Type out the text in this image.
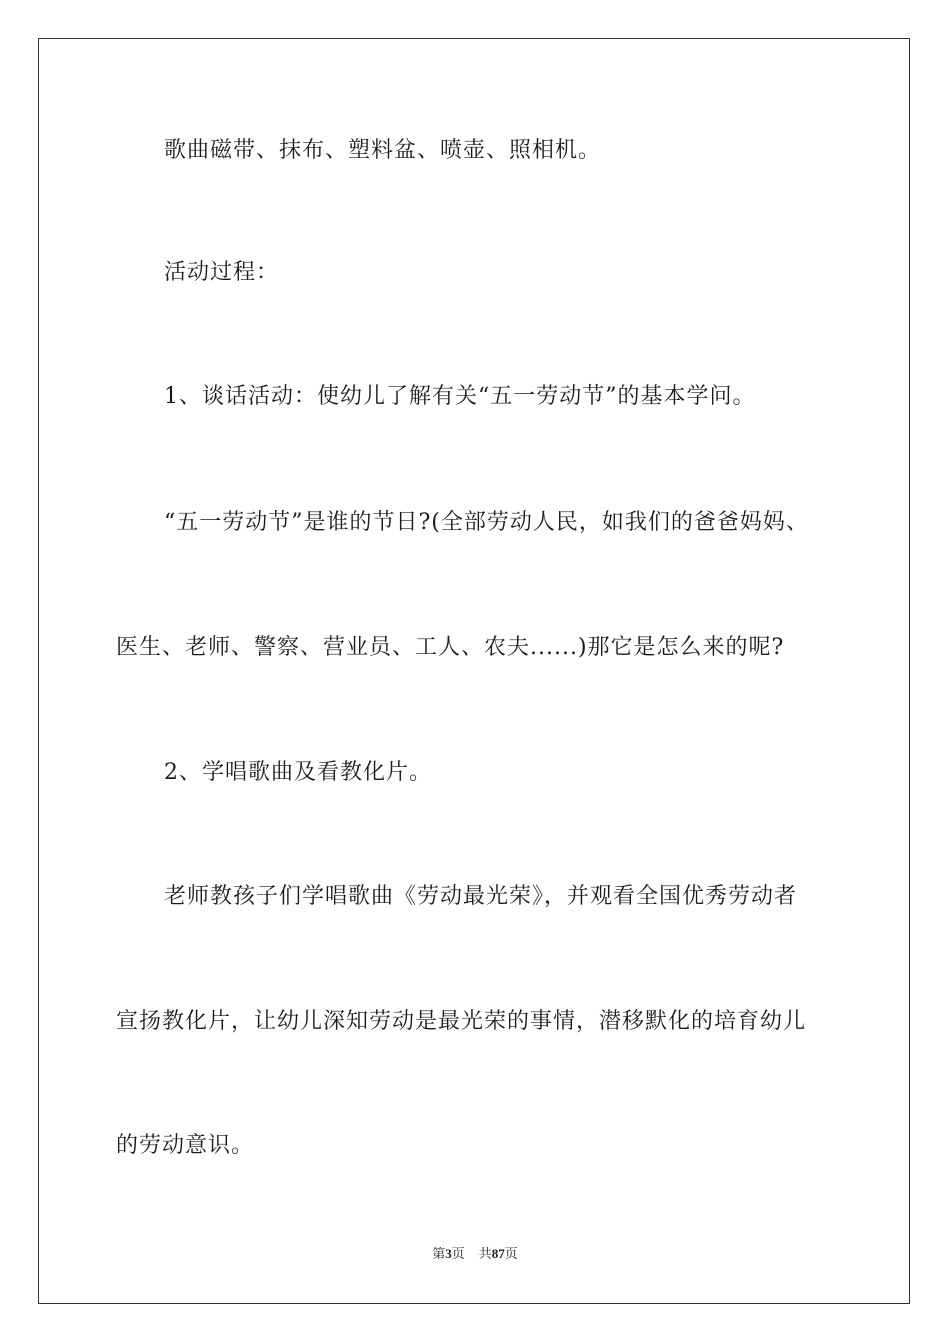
歌曲磁带、抹布、塑料盆、喷壶、照相机。
活动过程：
1、谈话活动：使幼儿了解有关“五一劳动节”的基本学问。
“五一劳动节”是谁的节日?(全部劳动人民，如我们的爸爸妈妈、
医生、老师、警察、营业员、工人、农夫......)那它是怎么来的呢?
2、学唱歌曲及看教化片。
老师教孩子们学唱歌曲《劳动最光荣》，并观看全国优秀劳动者
宣扬教化片，让幼儿深知劳动是最光荣的事情，潜移默化的培育幼儿
的劳动意识。
第3页 共87页
